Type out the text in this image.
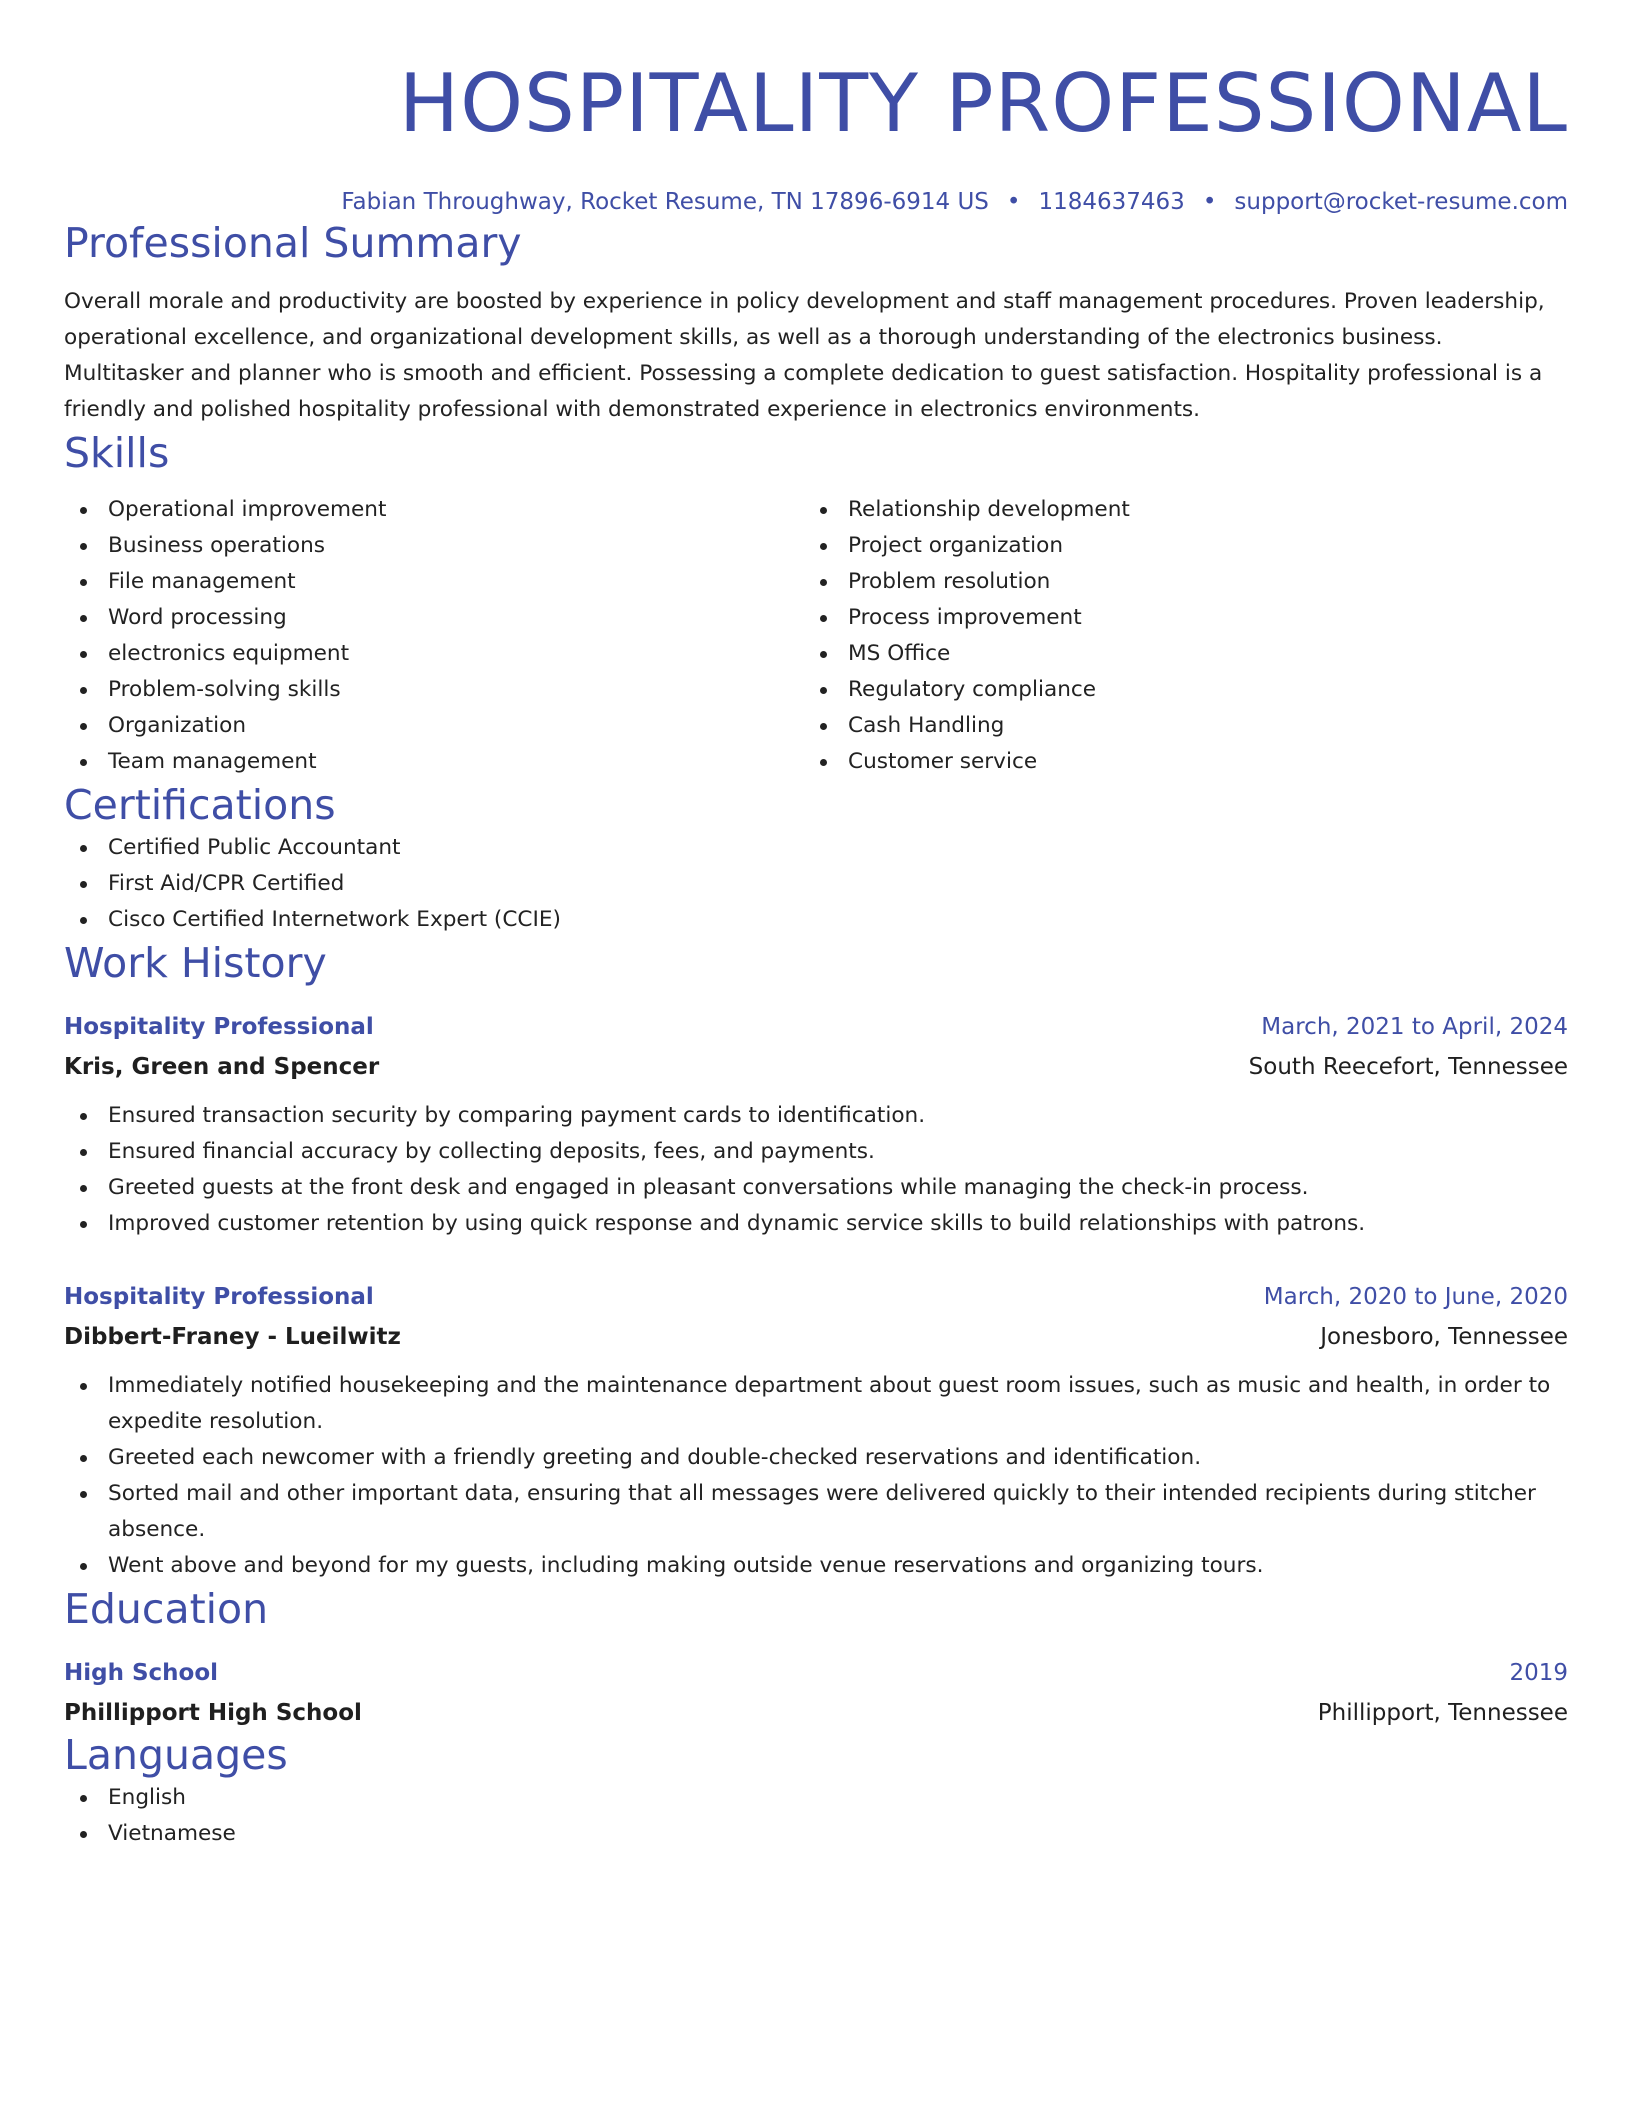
HOSPITALITY PROFESSIONAL
Fabian Throughway, Rocket Resume, TN 17896-6914 US • 1184637463 • support@rocket-resume.com
Professional Summary
Overall morale and productivity are boosted by experience in policy development and staff management procedures. Proven leadership, operational excellence, and organizational development skills, as well as a thorough understanding of the electronics business. Multitasker and planner who is smooth and efficient. Possessing a complete dedication to guest satisfaction. Hospitality professional is a friendly and polished hospitality professional with demonstrated experience in electronics environments.
Skills
Operational improvement
Business operations
File management
Word processing
electronics equipment
Problem-solving skills
Organization
Team management
Relationship development
Project organization
Problem resolution
Process improvement
MS Office
Regulatory compliance
Cash Handling
Customer service
Certifications
Certified Public Accountant
First Aid/CPR Certified
Cisco Certified Internetwork Expert (CCIE)
Work History
Hospitality Professional	March, 2021 to April, 2024
Kris, Green and Spencer	South Reecefort, Tennessee
Ensured transaction security by comparing payment cards to identification.
Ensured financial accuracy by collecting deposits, fees, and payments.
Greeted guests at the front desk and engaged in pleasant conversations while managing the check-in process.
Improved customer retention by using quick response and dynamic service skills to build relationships with patrons.
Hospitality Professional	March, 2020 to June, 2020
Dibbert-Franey - Lueilwitz	Jonesboro, Tennessee
Immediately notified housekeeping and the maintenance department about guest room issues, such as music and health, in order to expedite resolution.
Greeted each newcomer with a friendly greeting and double-checked reservations and identification.
Sorted mail and other important data, ensuring that all messages were delivered quickly to their intended recipients during stitcher absence.
Went above and beyond for my guests, including making outside venue reservations and organizing tours.
Education
High School	2019
Phillipport High School	Phillipport, Tennessee
Languages
English
Vietnamese
